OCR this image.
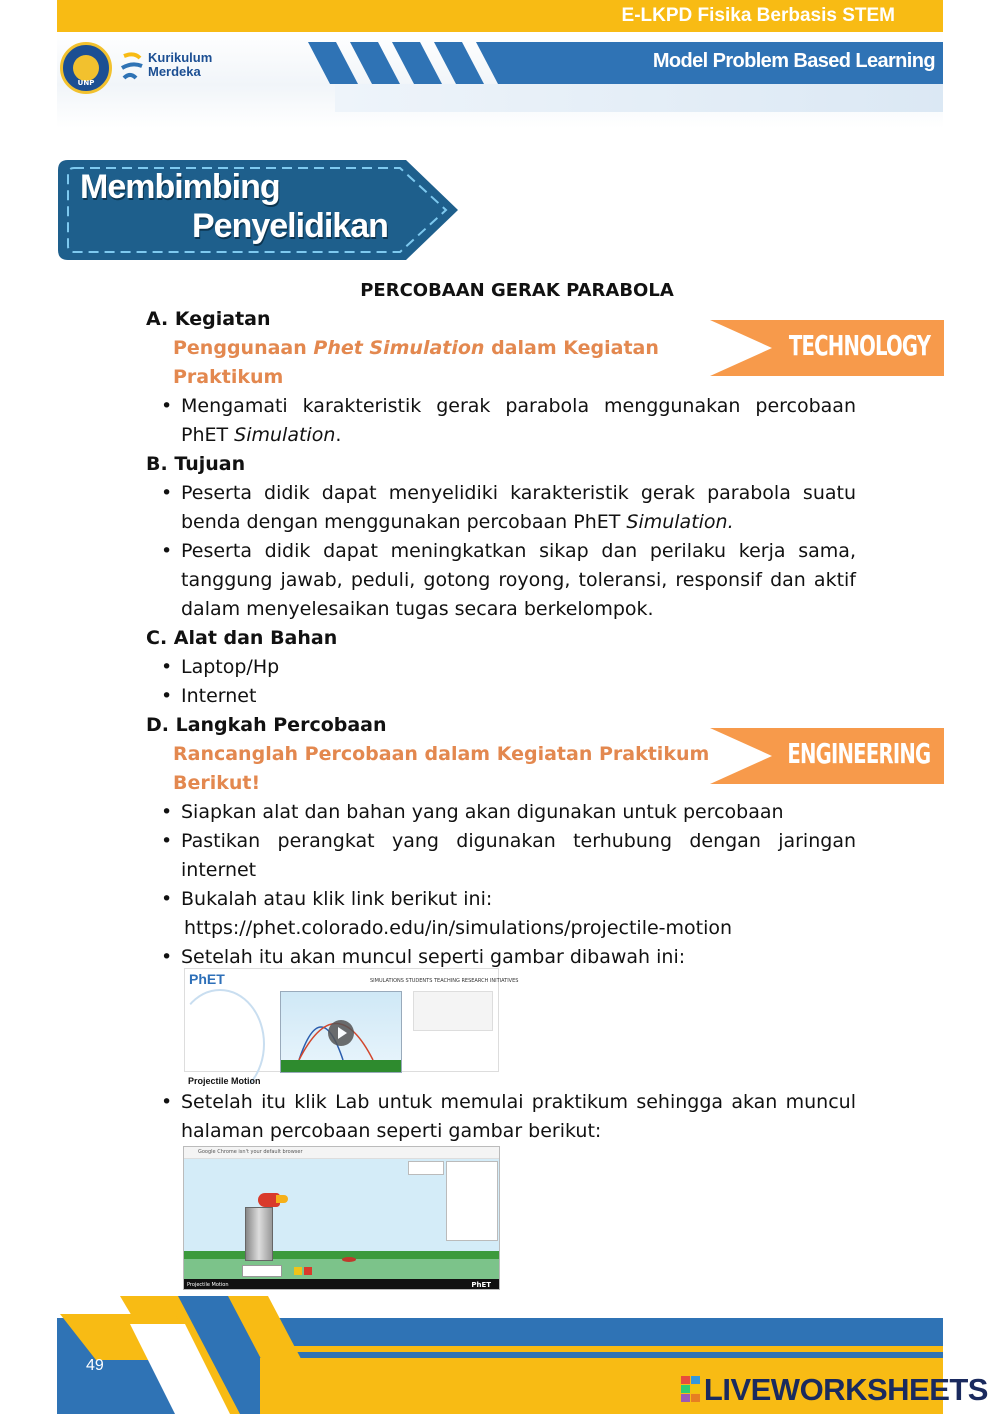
E-LKPD Fisika Berbasis STEM
Model Problem Based Learning
UNP
Kurikulum
Merdeka
Membimbing
Penyelidikan
TECHNOLOGY
ENGINEERING
PERCOBAAN GERAK PARABOLA
A. Kegiatan
Penggunaan Phet Simulation dalam Kegiatan
Praktikum
• Mengamati karakteristik gerak parabola menggunakan percobaan PhET Simulation.
B. Tujuan
• Peserta didik dapat menyelidiki karakteristik gerak parabola suatu benda dengan menggunakan percobaan PhET Simulation.
• Peserta didik dapat meningkatkan sikap dan perilaku kerja sama, tanggung jawab, peduli, gotong royong, toleransi, responsif dan aktif dalam menyelesaikan tugas secara berkelompok.
C. Alat dan Bahan
• Laptop/Hp
• Internet
D. Langkah Percobaan
Rancanglah Percobaan dalam Kegiatan Praktikum
Berikut!
• Siapkan alat dan bahan yang akan digunakan untuk percobaan
• Pastikan perangkat yang digunakan terhubung dengan jaringan internet
• Bukalah atau klik link berikut ini:
https://phet.colorado.edu/in/simulations/projectile-motion
• Setelah itu akan muncul seperti gambar dibawah ini:
• Setelah itu klik Lab untuk memulai praktikum sehingga akan muncul halaman percobaan seperti gambar berikut:
PhET	SIMULATIONS STUDENTS TEACHING RESEARCH INITIATIVES
Projectile Motion
Google Chrome isn't your default browser
Projectile Motion	PhET
49
LIVEWORKSHEETS
